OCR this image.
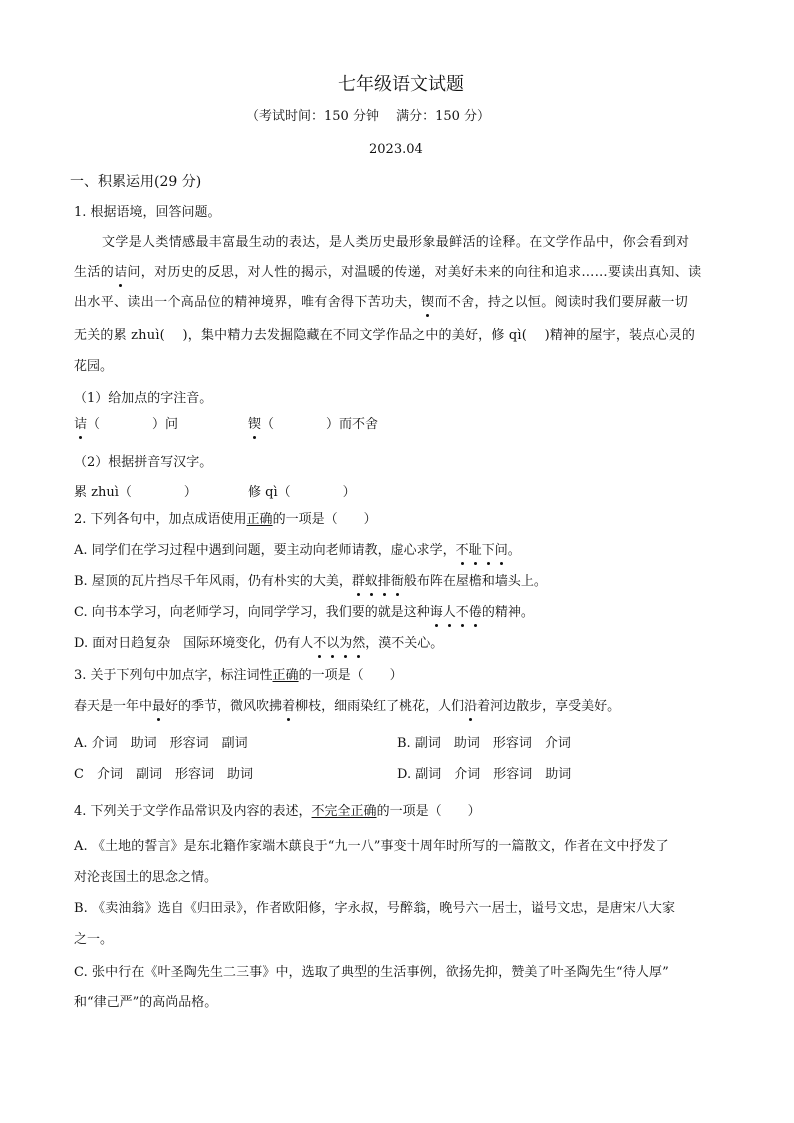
七年级语文试题
（考试时间：150 分钟　 满分：150 分）
2023.04
一、积累运用(29 分)
1. 根据语境，回答问题。
文学是人类情感最丰富最生动的表达，是人类历史最形象最鲜活的诠释。在文学作品中，你会看到对
生活的诘问，对历史的反思，对人性的揭示，对温暖的传递，对美好未来的向往和追求……要读出真知、读
出水平、读出一个高品位的精神境界，唯有舍得下苦功夫，锲而不舍，持之以恒。阅读时我们要屏蔽一切
无关的累 zhuì(　 )，集中精力去发掘隐藏在不同文学作品之中的美好，修 qì(　 )精神的屋宇，装点心灵的
花园。
（1）给加点的字注音。
诘（　　　　）问	锲（　　　　）而不舍
（2）根据拼音写汉字。
累 zhuì（　　　　）	修 qì（　　　　）
2. 下列各句中，加点成语使用正确的一项是（　　）
A. 同学们在学习过程中遇到问题，要主动向老师请教，虚心求学，不耻下问。
B. 屋顶的瓦片挡尽千年风雨，仍有朴实的大美，群蚁排衙般布阵在屋檐和墙头上。
C. 向书本学习，向老师学习，向同学学习，我们要的就是这种诲人不倦的精神。
D. 面对日趋复杂　国际环境变化，仍有人不以为然，漠不关心。
3. 关于下列句中加点字，标注词性正确的一项是（　　）
春天是一年中最好的季节，微风吹拂着柳枝，细雨染红了桃花，人们沿着河边散步，享受美好。
A. 介词　助词　形容词　副词	B. 副词　助词　形容词　介词
C　介词　副词　形容词　助词	D. 副词　介词　形容词　助词
4. 下列关于文学作品常识及内容的表述，不完全正确的一项是（　　）
A. 《土地的誓言》是东北籍作家端木蕻良于“九一八”事变十周年时所写的一篇散文，作者在文中抒发了
对沦丧国土的思念之情。
B. 《卖油翁》选自《归田录》，作者欧阳修，字永叔，号醉翁，晚号六一居士，谥号文忠，是唐宋八大家
之一。
C. 张中行在《叶圣陶先生二三事》中，选取了典型的生活事例，欲扬先抑，赞美了叶圣陶先生“待人厚”
和“律己严”的高尚品格。
